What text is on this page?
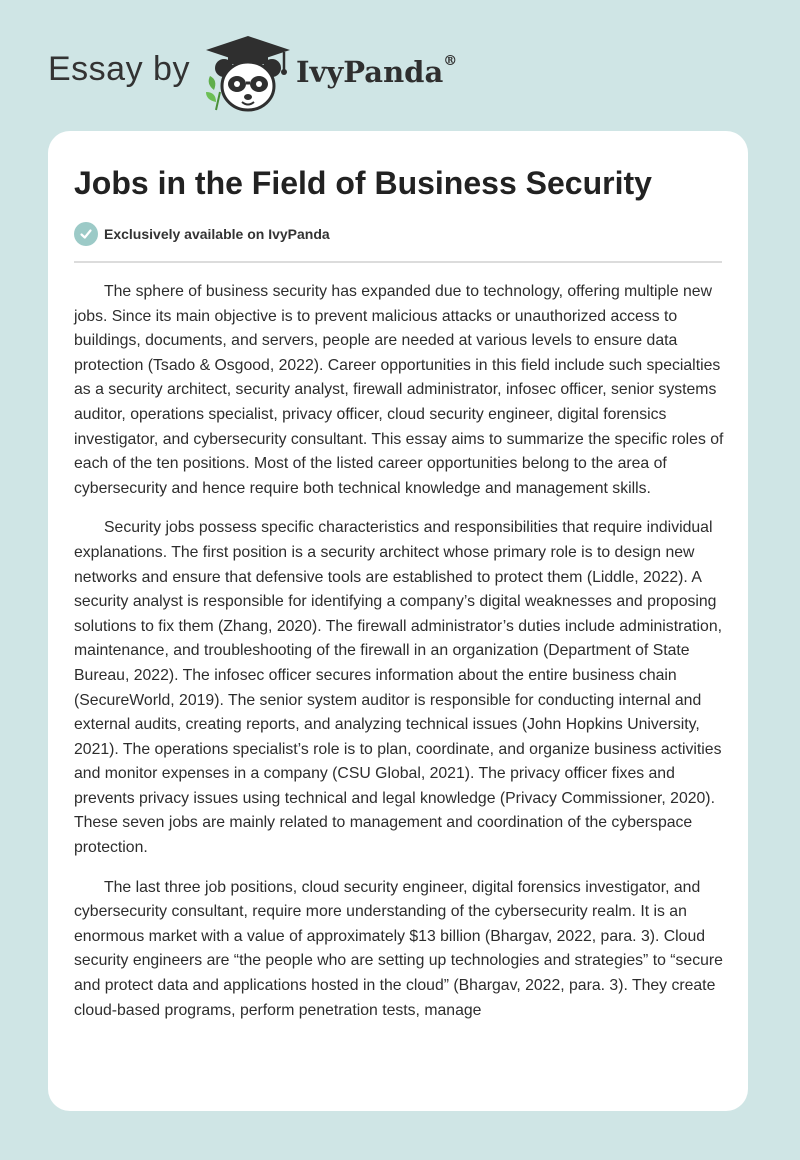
Essay by	IvyPanda®
Jobs in the Field of Business Security
Exclusively available on IvyPanda

The sphere of business security has expanded due to technology, offering multiple new jobs. Since its main objective is to prevent malicious attacks or unauthorized access to buildings, documents, and servers, people are needed at various levels to ensure data protection (Tsado & Osgood, 2022). Career opportunities in this field include such specialties as a security architect, security analyst, firewall administrator, infosec officer, senior systems auditor, operations specialist, privacy officer, cloud security engineer, digital forensics investigator, and cybersecurity consultant. This essay aims to summarize the specific roles of each of the ten positions. Most of the listed career opportunities belong to the area of cybersecurity and hence require both technical knowledge and management skills.

Security jobs possess specific characteristics and responsibilities that require individual explanations. The first position is a security architect whose primary role is to design new networks and ensure that defensive tools are established to protect them (Liddle, 2022). A security analyst is responsible for identifying a company’s digital weaknesses and proposing solutions to fix them (Zhang, 2020). The firewall administrator’s duties include administration, maintenance, and troubleshooting of the firewall in an organization (Department of State Bureau, 2022). The infosec officer secures information about the entire business chain (SecureWorld, 2019). The senior system auditor is responsible for conducting internal and external audits, creating reports, and analyzing technical issues (John Hopkins University, 2021). The operations specialist’s role is to plan, coordinate, and organize business activities and monitor expenses in a company (CSU Global, 2021). The privacy officer fixes and prevents privacy issues using technical and legal knowledge (Privacy Commissioner, 2020). These seven jobs are mainly related to management and coordination of the cyberspace protection.

The last three job positions, cloud security engineer, digital forensics investigator, and cybersecurity consultant, require more understanding of the cybersecurity realm. It is an enormous market with a value of approximately $13 billion (Bhargav, 2022, para. 3). Cloud security engineers are “the people who are setting up technologies and strategies” to “secure and protect data and applications hosted in the cloud” (Bhargav, 2022, para. 3). They create cloud-based programs, perform penetration tests, manage
